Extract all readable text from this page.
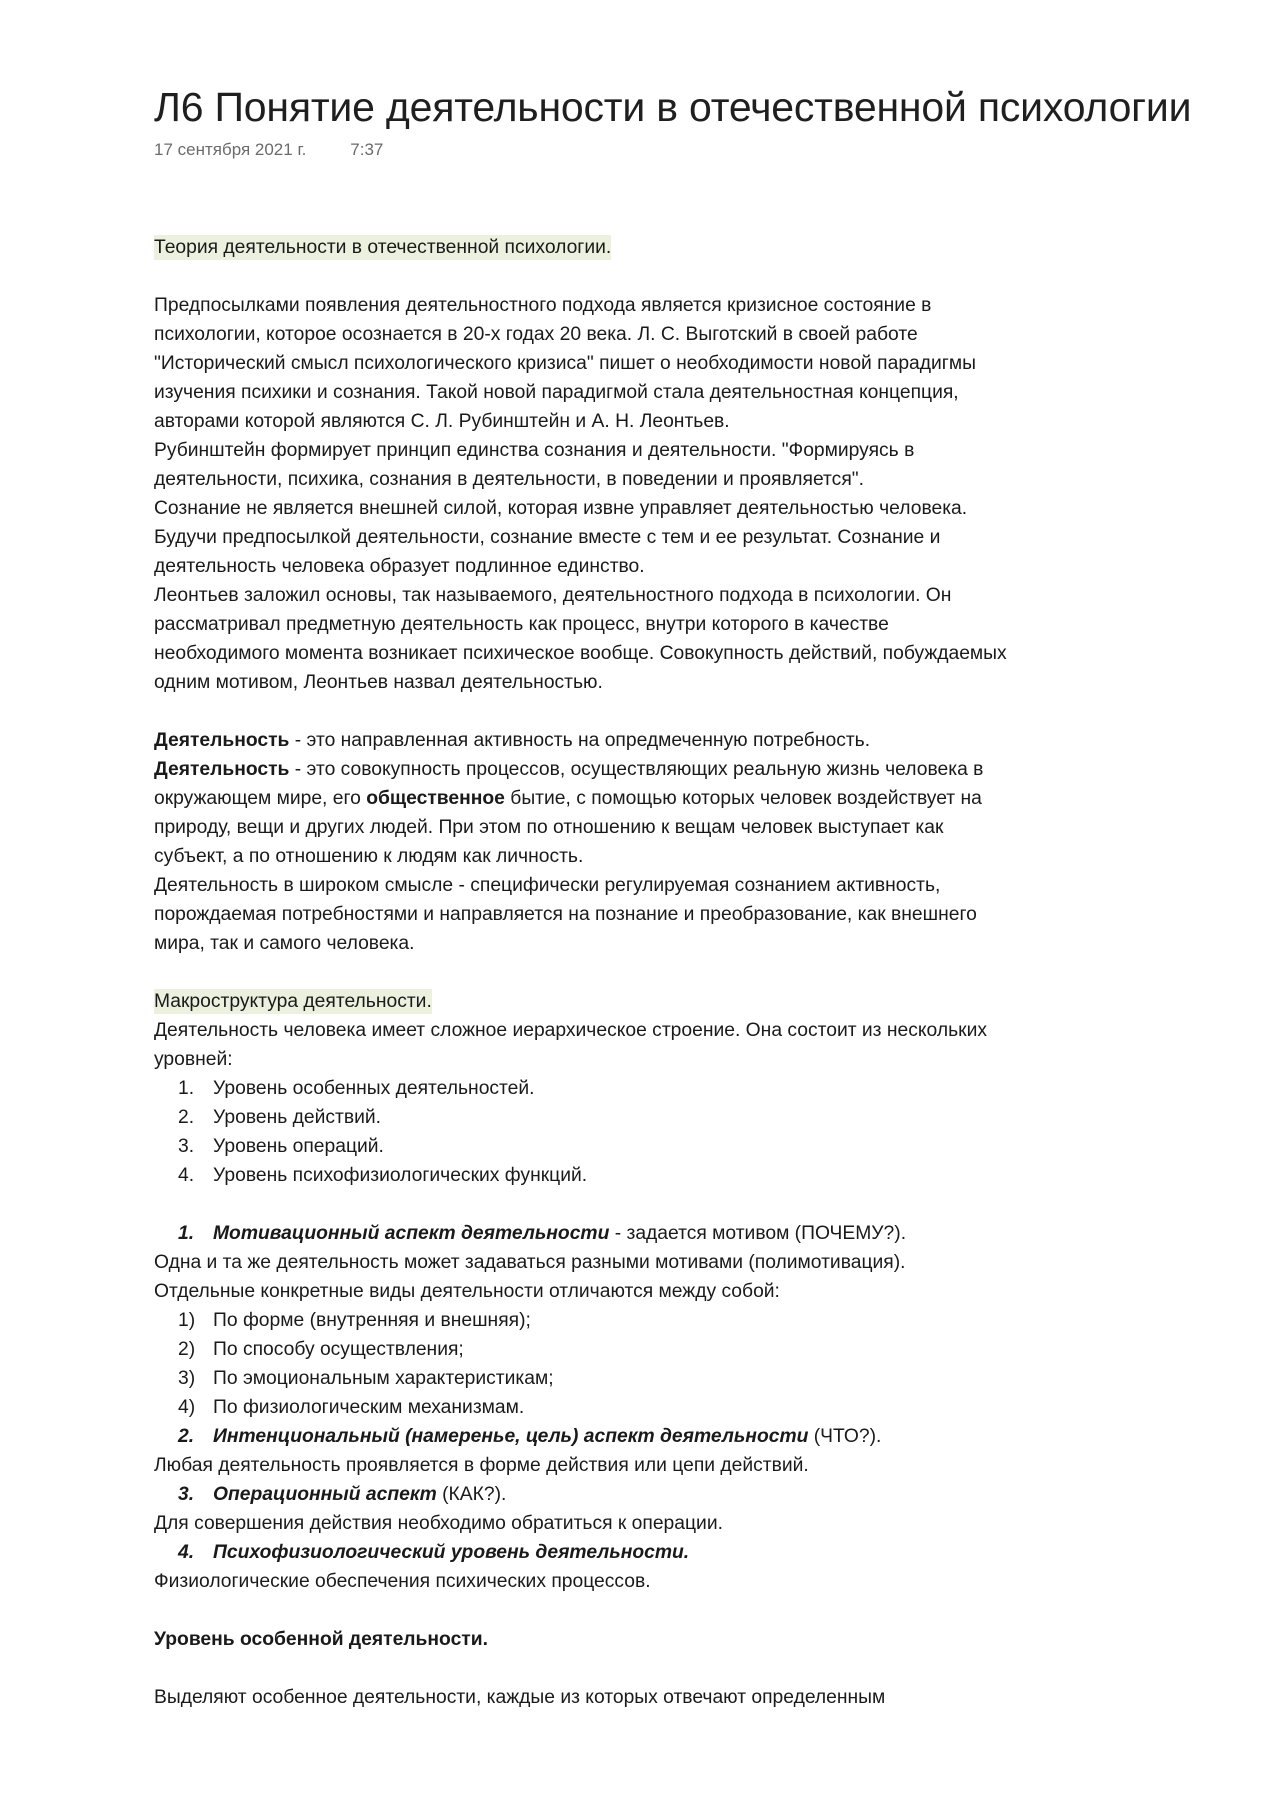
Л6 Понятие деятельности в отечественной психологии
17 сентября 2021 г.	7:37

Теория деятельности в отечественной психологии.

Предпосылками появления деятельностного подхода является кризисное состояние в

психологии, которое осознается в 20-х годах 20 века. Л. С. Выготский в своей работе

"Исторический смысл психологического кризиса" пишет о необходимости новой парадигмы

изучения психики и сознания. Такой новой парадигмой стала деятельностная концепция,

авторами которой являются С. Л. Рубинштейн и А. Н. Леонтьев.

Рубинштейн формирует принцип единства сознания и деятельности. "Формируясь в

деятельности, психика, сознания в деятельности, в поведении и проявляется".

Сознание не является внешней силой, которая извне управляет деятельностью человека.

Будучи предпосылкой деятельности, сознание вместе с тем и ее результат. Сознание и

деятельность человека образует подлинное единство.

Леонтьев заложил основы, так называемого, деятельностного подхода в психологии. Он

рассматривал предметную деятельность как процесс, внутри которого в качестве

необходимого момента возникает психическое вообще. Совокупность действий, побуждаемых

одним мотивом, Леонтьев назвал деятельностью.

Деятельность - это направленная активность на опредмеченную потребность.

Деятельность - это совокупность процессов, осуществляющих реальную жизнь человека в

окружающем мире, его общественное бытие, с помощью которых человек воздействует на

природу, вещи и других людей. При этом по отношению к вещам человек выступает как

субъект, а по отношению к людям как личность.

Деятельность в широком смысле - специфически регулируемая сознанием активность,

порождаемая потребностями и направляется на познание и преобразование, как внешнего

мира, так и самого человека.

Макроструктура деятельности.

Деятельность человека имеет сложное иерархическое строение. Она состоит из нескольких

уровней:

1. Уровень особенных деятельностей.
2. Уровень действий.
3. Уровень операций.
4. Уровень психофизиологических функций.

1. Мотивационный аспект деятельности - задается мотивом (ПОЧЕМУ?).

Одна и та же деятельность может задаваться разными мотивами (полимотивация).

Отдельные конкретные виды деятельности отличаются между собой:

1) По форме (внутренняя и внешняя);
2) По способу осуществления;
3) По эмоциональным характеристикам;
4) По физиологическим механизмам.

2. Интенциональный (намеренье, цель) аспект деятельности (ЧТО?).

Любая деятельность проявляется в форме действия или цепи действий.

3. Операционный аспект (КАК?).

Для совершения действия необходимо обратиться к операции.

4. Психофизиологический уровень деятельности.

Физиологические обеспечения психических процессов.

Уровень особенной деятельности.

Выделяют особенное деятельности, каждые из которых отвечают определенным
